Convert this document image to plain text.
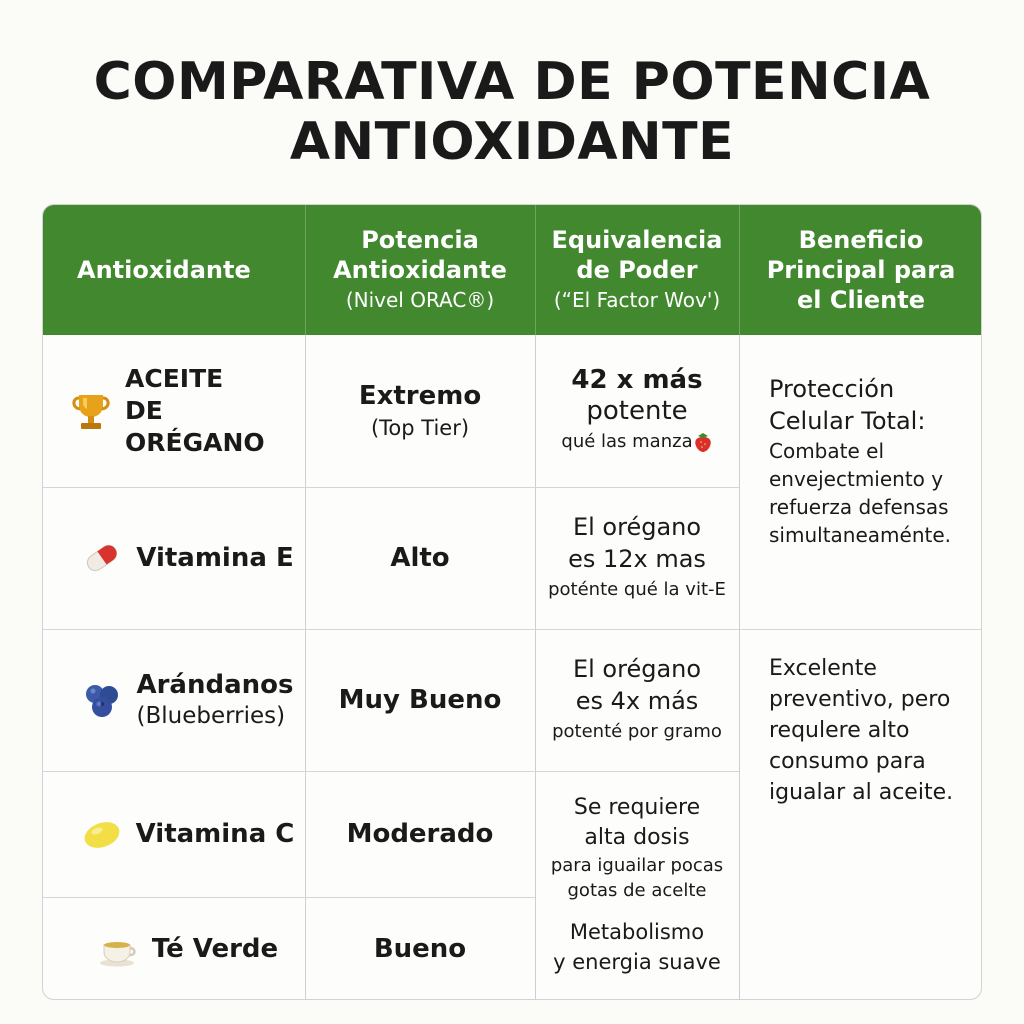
COMPARATIVA DE POTENCIA
ANTIOXIDANTE
Antioxidante
Potencia
Antioxidante
(Nivel ORAC®)
Equivalencia
de Poder
(“El Factor Wov')
Beneficio
Principal para
el Cliente
ACEITE
DE ORÉGANO
Extremo
(Top Tier)
42 x más
potente
qué las manza
Vitamina E	Alto
El orégano
es 12x mas
poténte qué la vit-E
Protección
Celular Total:
Combate el
envejectmiento y
refuerza defensas
simultaneaménte.
Arándanos
(Blueberries)
Muy Bueno
El orégano
es 4x más
potenté por gramo
Excelente
preventivo, pero
requlere alto
consumo para
igualar al aceite.
Vitamina C Moderado
Se requiere
alta dosis
para iguailar pocas
gotas de acelte
Metabolismo
y energia suave
Té Verde	Bueno
